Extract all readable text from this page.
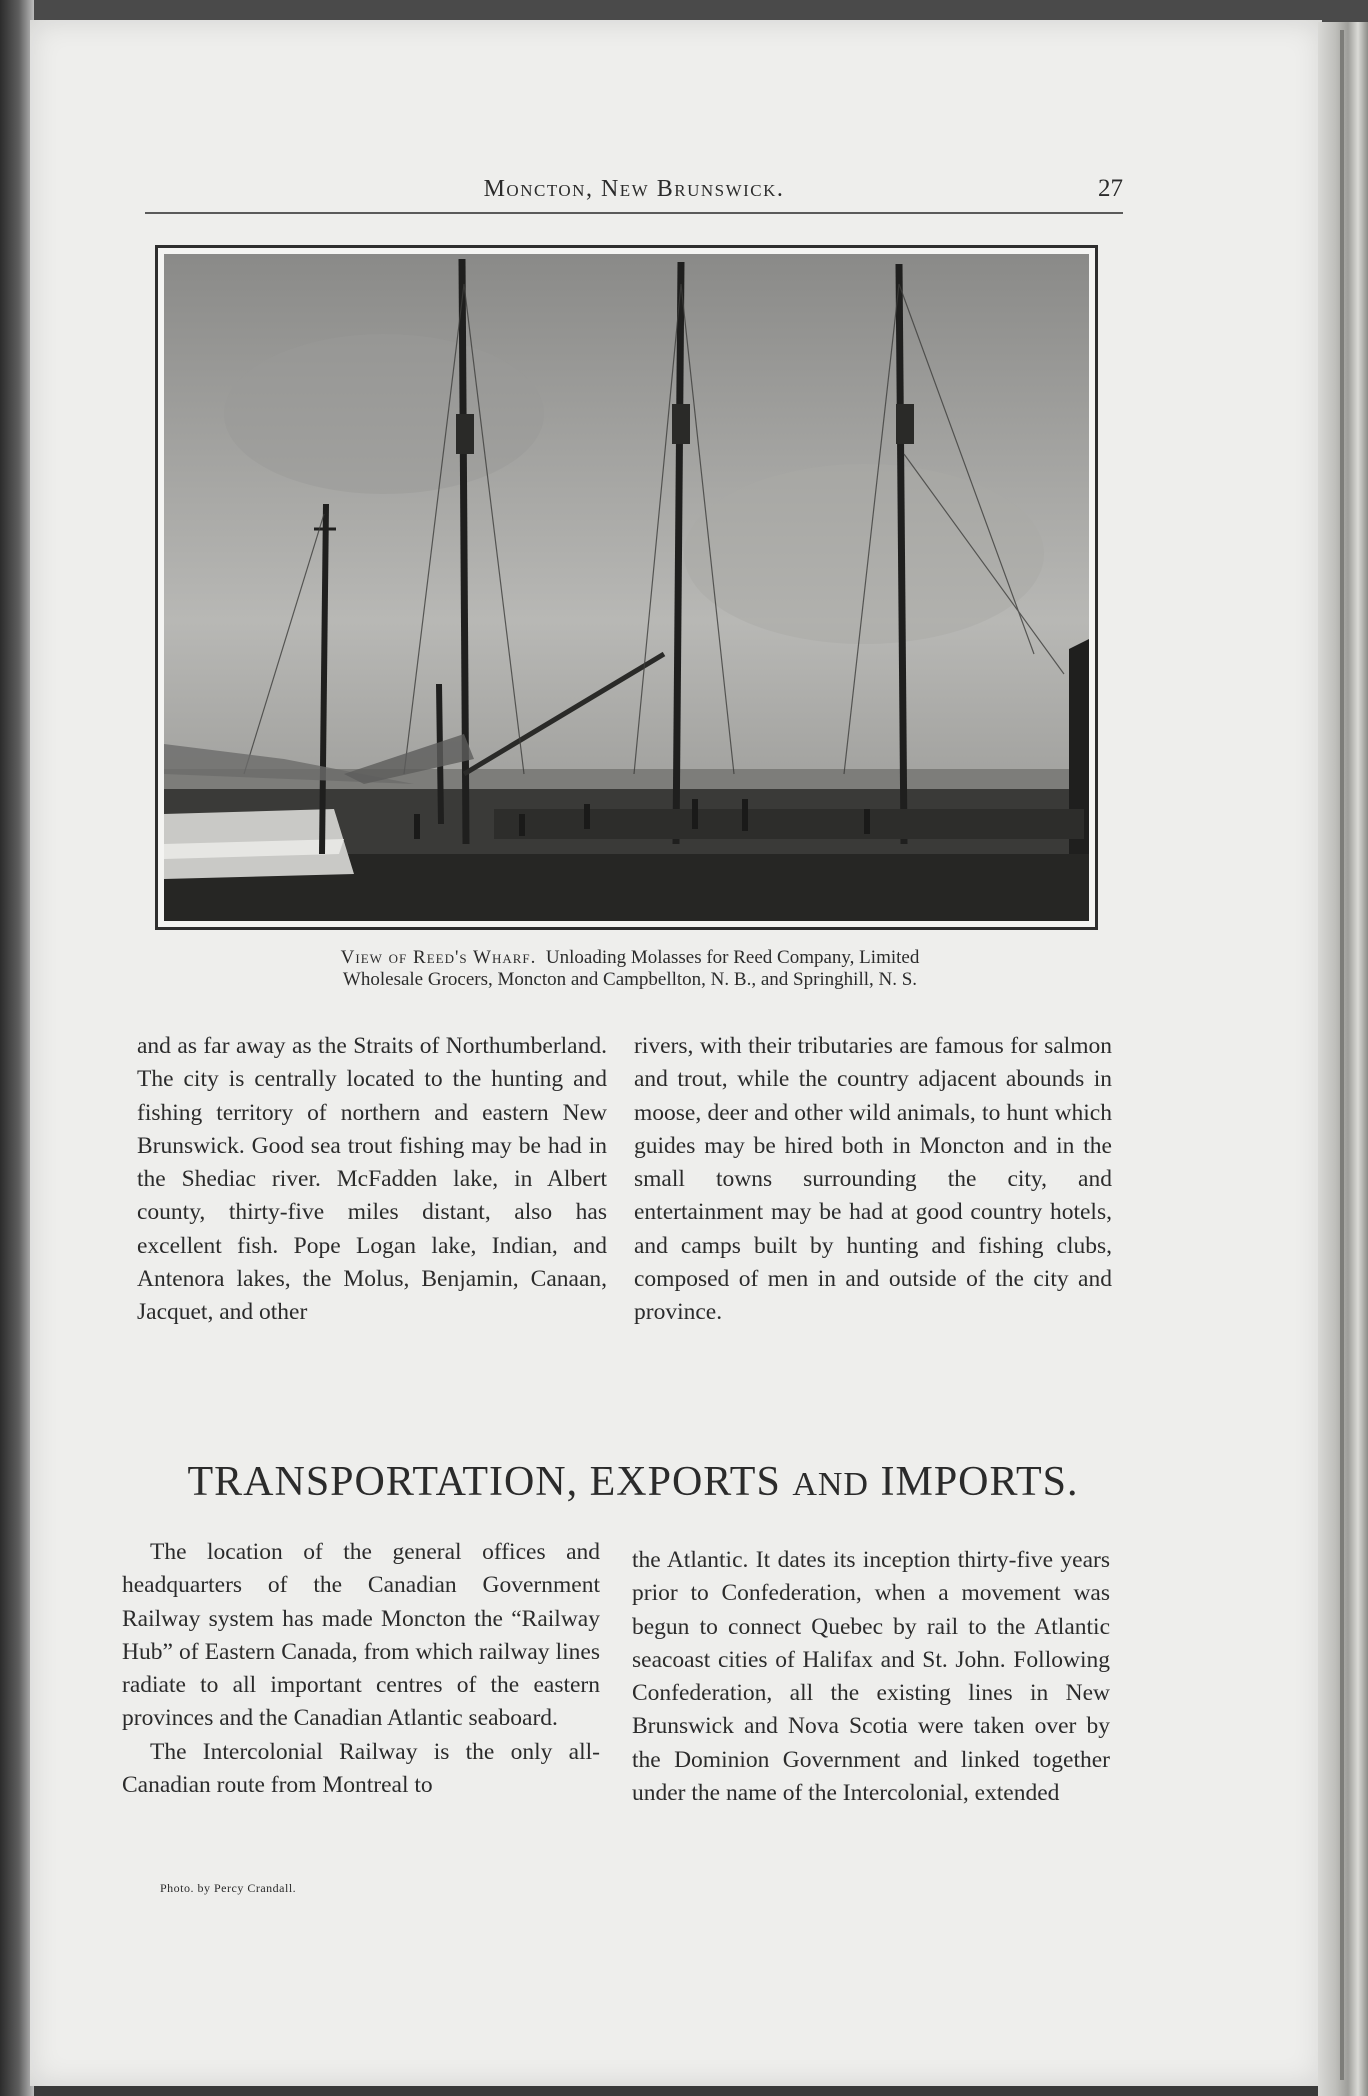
Moncton, New Brunswick.	27
View of Reed's Wharf. Unloading Molasses for Reed Company, Limited
Wholesale Grocers, Moncton and Campbellton, N. B., and Springhill, N. S.

and as far away as the Straits of Northumberland. The city is centrally located to the hunting and fishing territory of northern and eastern New Brunswick. Good sea trout fishing may be had in the Shediac river. McFadden lake, in Albert county, thirty-five miles distant, also has excellent fish. Pope Logan lake, Indian, and Antenora lakes, the Molus, Benjamin, Canaan, Jacquet, and other

rivers, with their tributaries are famous for salmon and trout, while the country adjacent abounds in moose, deer and other wild animals, to hunt which guides may be hired both in Moncton and in the small towns surrounding the city, and entertainment may be had at good country hotels, and camps built by hunting and fishing clubs, composed of men in and outside of the city and province.

TRANSPORTATION, EXPORTS AND IMPORTS.

The location of the general offices and headquarters of the Canadian Government Railway system has made Moncton the “Railway Hub” of Eastern Canada, from which railway lines radiate to all important centres of the eastern provinces and the Canadian Atlantic seaboard.

The Intercolonial Railway is the only all-Canadian route from Montreal to

the Atlantic. It dates its inception thirty-five years prior to Confederation, when a movement was begun to connect Quebec by rail to the Atlantic seacoast cities of Halifax and St. John. Following Confederation, all the existing lines in New Brunswick and Nova Scotia were taken over by the Dominion Government and linked together under the name of the Intercolonial, extended

Photo. by Percy Crandall.
